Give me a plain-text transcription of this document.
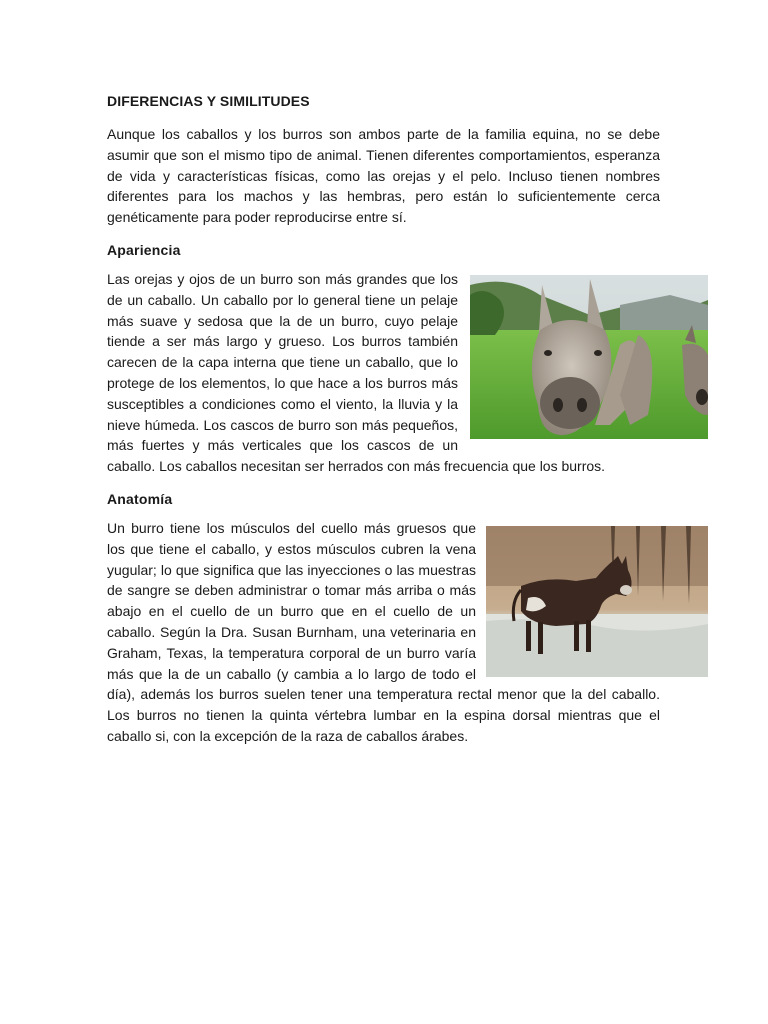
DIFERENCIAS Y SIMILITUDES

Aunque los caballos y los burros son ambos parte de la familia equina, no se debe asumir que son el mismo tipo de animal. Tienen diferentes comportamientos, esperanza de vida y características físicas, como las orejas y el pelo. Incluso tienen nombres diferentes para los machos y las hembras, pero están lo suficientemente cerca genéticamente para poder reproducirse entre sí.

Apariencia

Las orejas y ojos de un burro son más grandes que los de un caballo. Un caballo por lo general tiene un pelaje más suave y sedosa que la de un burro, cuyo pelaje tiende a ser más largo y grueso. Los burros también carecen de la capa interna que tiene un caballo, que lo protege de los elementos, lo que hace a los burros más susceptibles a condiciones como el viento, la lluvia y la nieve húmeda. Los cascos de burro son más pequeños, más fuertes y más verticales que los cascos de un caballo. Los caballos necesitan ser herrados con más frecuencia que los burros.

Anatomía

Un burro tiene los músculos del cuello más gruesos que los que tiene el caballo, y estos músculos cubren la vena yugular; lo que significa que las inyecciones o las muestras de sangre se deben administrar o tomar más arriba o más abajo en el cuello de un burro que en el cuello de un caballo. Según la Dra. Susan Burnham, una veterinaria en Graham, Texas, la temperatura corporal de un burro varía más que la de un caballo (y cambia a lo largo de todo el día), además los burros suelen tener una temperatura rectal menor que la del caballo. Los burros no tienen la quinta vértebra lumbar en la espina dorsal mientras que el caballo si, con la excepción de la raza de caballos árabes.
